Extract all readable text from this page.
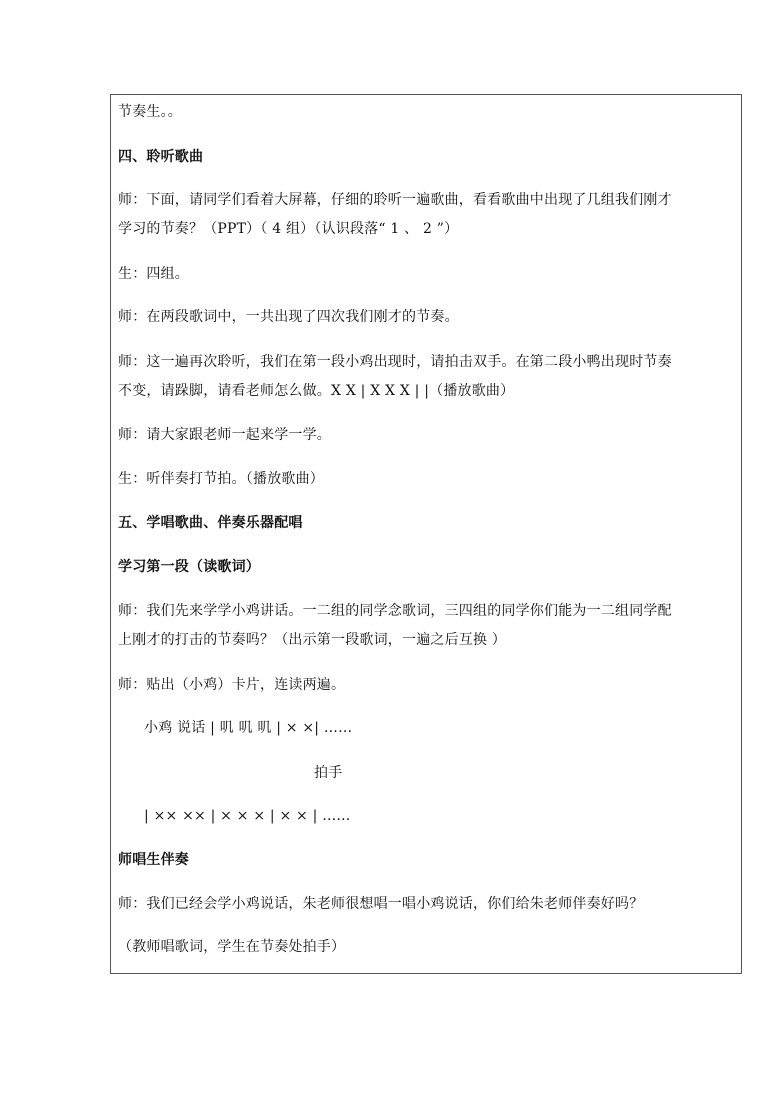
节奏生。。
四、聆听歌曲
师：下面，请同学们看着大屏幕，仔细的聆听一遍歌曲，看看歌曲中出现了几组我们刚才
学习的节奏？（PPT）（ 4 组）（认识段落“ 1 、 2 ”）
生：四组。
师：在两段歌词中，一共出现了四次我们刚才的节奏。
师：这一遍再次聆听，我们在第一段小鸡出现时，请拍击双手。在第二段小鸭出现时节奏
不变，请跺脚，请看老师怎么做。X X | X X X | |（播放歌曲）
师：请大家跟老师一起来学一学。
生：听伴奏打节拍。（播放歌曲）
五、学唱歌曲、伴奏乐器配唱
学习第一段（读歌词）
师：我们先来学学小鸡讲话。一二组的同学念歌词，三四组的同学你们能为一二组同学配
上刚才的打击的节奏吗？（出示第一段歌词，一遍之后互换 ）
师：贴出（小鸡）卡片，连读两遍。
小鸡 说话 | 叽 叽 叽 | × ×| ……
拍手
| ×× ×× | × × × | × × | ……
师唱生伴奏
师：我们已经会学小鸡说话，朱老师很想唱一唱小鸡说话，你们给朱老师伴奏好吗？
（教师唱歌词，学生在节奏处拍手）
